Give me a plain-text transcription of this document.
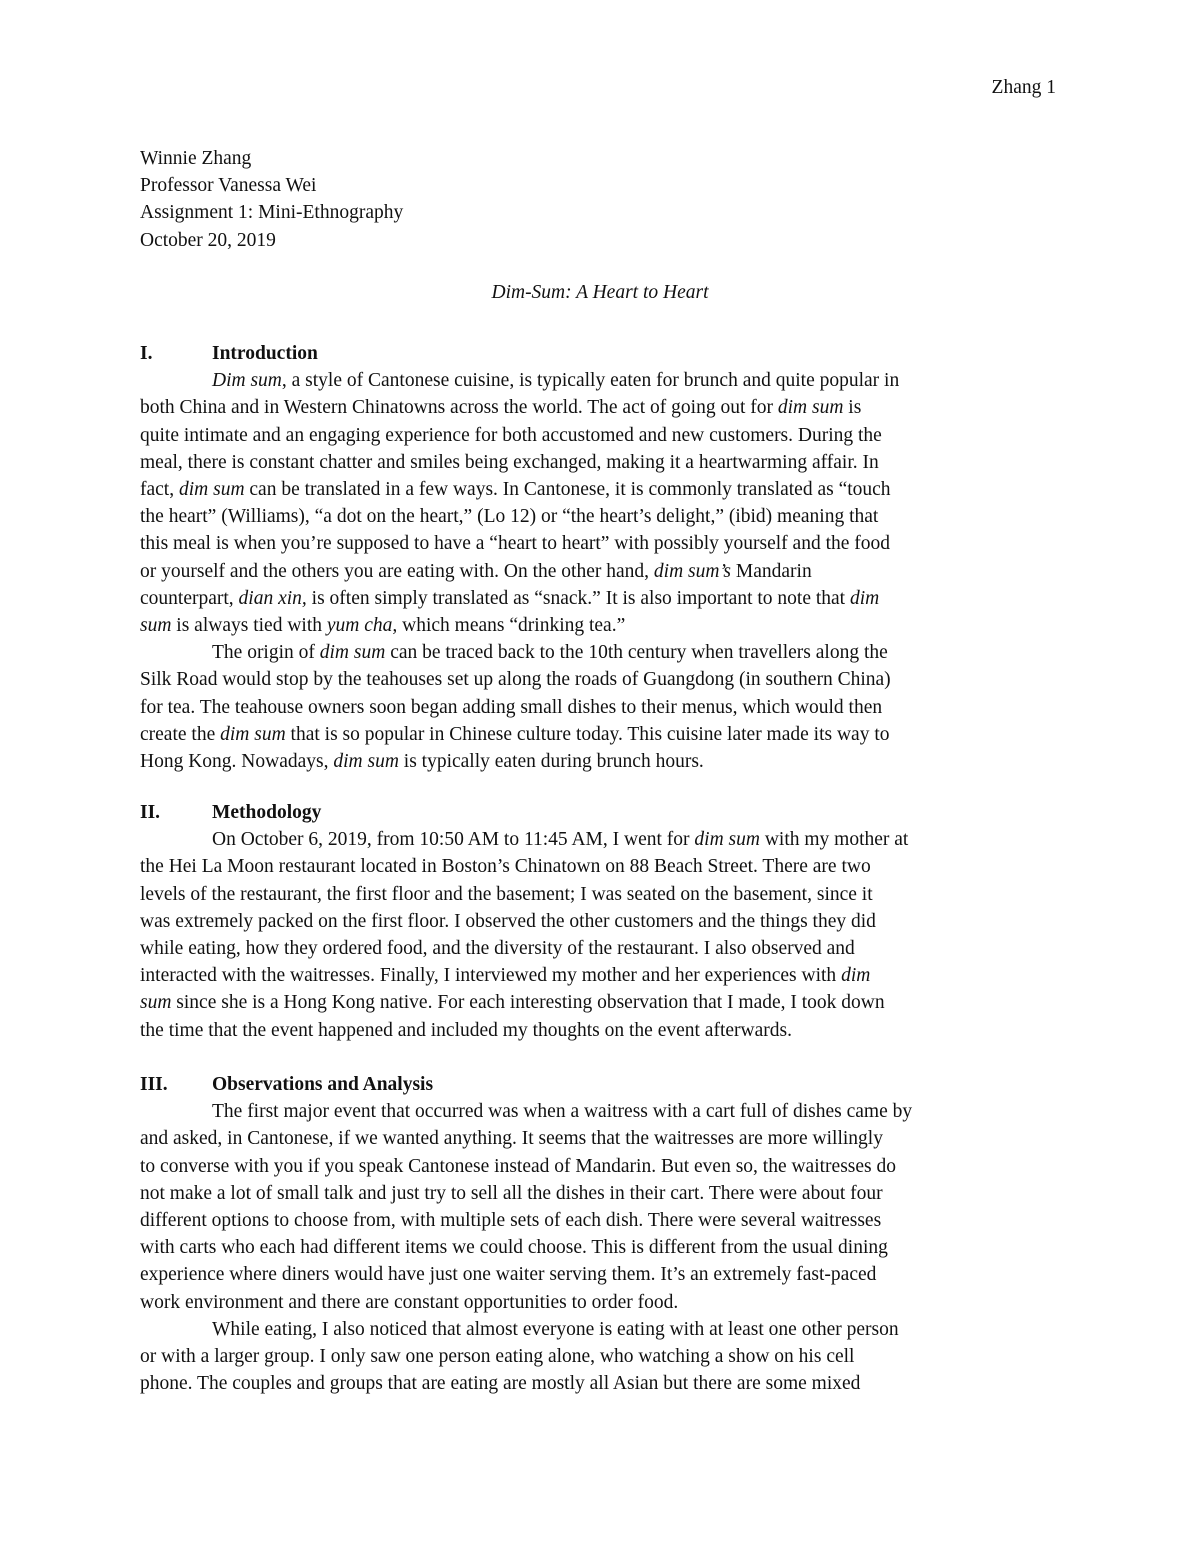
Zhang 1
Winnie Zhang
Professor Vanessa Wei
Assignment 1: Mini-Ethnography
October 20, 2019
Dim-Sum: A Heart to Heart
I.	Introduction
Dim sum, a style of Cantonese cuisine, is typically eaten for brunch and quite popular in
both China and in Western Chinatowns across the world. The act of going out for dim sum is
quite intimate and an engaging experience for both accustomed and new customers. During the
meal, there is constant chatter and smiles being exchanged, making it a heartwarming affair. In
fact, dim sum can be translated in a few ways. In Cantonese, it is commonly translated as “touch
the heart” (Williams), “a dot on the heart,” (Lo 12) or “the heart’s delight,” (ibid) meaning that
this meal is when you’re supposed to have a “heart to heart” with possibly yourself and the food
or yourself and the others you are eating with. On the other hand, dim sum’s Mandarin
counterpart, dian xin, is often simply translated as “snack.” It is also important to note that dim
sum is always tied with yum cha, which means “drinking tea.”
The origin of dim sum can be traced back to the 10th century when travellers along the
Silk Road would stop by the teahouses set up along the roads of Guangdong (in southern China)
for tea. The teahouse owners soon began adding small dishes to their menus, which would then
create the dim sum that is so popular in Chinese culture today. This cuisine later made its way to
Hong Kong. Nowadays, dim sum is typically eaten during brunch hours.
II.	Methodology
On October 6, 2019, from 10:50 AM to 11:45 AM, I went for dim sum with my mother at
the Hei La Moon restaurant located in Boston’s Chinatown on 88 Beach Street. There are two
levels of the restaurant, the first floor and the basement; I was seated on the basement, since it
was extremely packed on the first floor. I observed the other customers and the things they did
while eating, how they ordered food, and the diversity of the restaurant. I also observed and
interacted with the waitresses. Finally, I interviewed my mother and her experiences with dim
sum since she is a Hong Kong native. For each interesting observation that I made, I took down
the time that the event happened and included my thoughts on the event afterwards.
III. Observations and Analysis
The first major event that occurred was when a waitress with a cart full of dishes came by
and asked, in Cantonese, if we wanted anything. It seems that the waitresses are more willingly
to converse with you if you speak Cantonese instead of Mandarin. But even so, the waitresses do
not make a lot of small talk and just try to sell all the dishes in their cart. There were about four
different options to choose from, with multiple sets of each dish. There were several waitresses
with carts who each had different items we could choose. This is different from the usual dining
experience where diners would have just one waiter serving them. It’s an extremely fast-paced
work environment and there are constant opportunities to order food.
While eating, I also noticed that almost everyone is eating with at least one other person
or with a larger group. I only saw one person eating alone, who watching a show on his cell
phone. The couples and groups that are eating are mostly all Asian but there are some mixed
